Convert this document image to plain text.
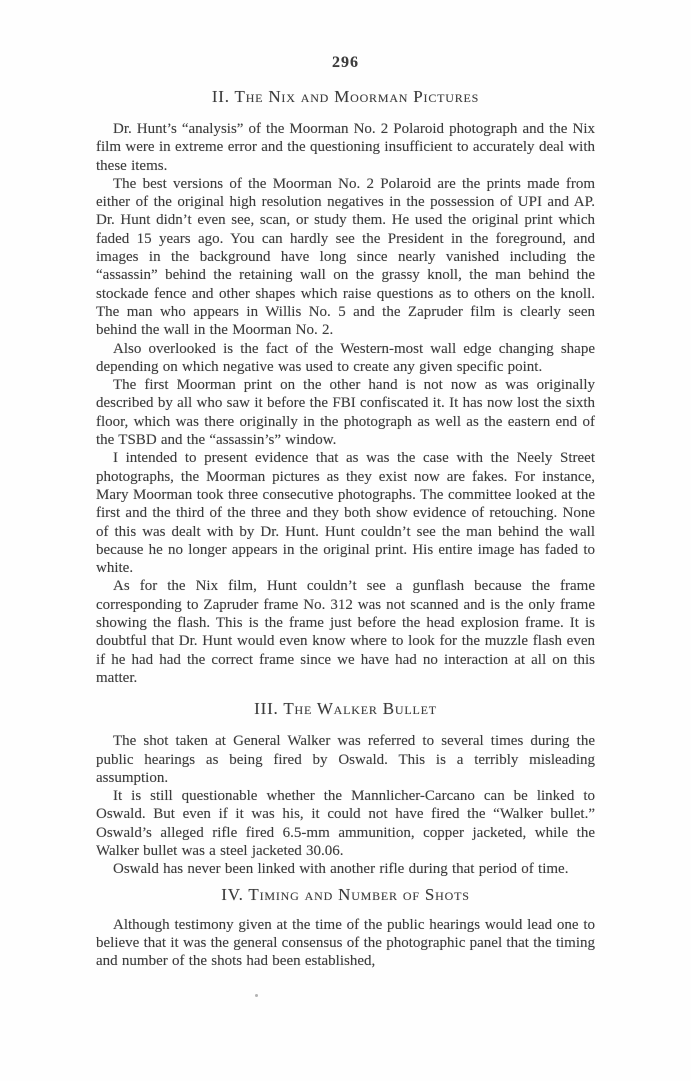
296
II. The Nix and Moorman Pictures

Dr. Hunt’s “analysis” of the Moorman No. 2 Polaroid photograph and the Nix film were in extreme error and the questioning insufficient to accurately deal with these items.

The best versions of the Moorman No. 2 Polaroid are the prints made from either of the original high resolution negatives in the possession of UPI and AP. Dr. Hunt didn’t even see, scan, or study them. He used the original print which faded 15 years ago. You can hardly see the President in the foreground, and images in the background have long since nearly vanished including the “assassin” behind the retaining wall on the grassy knoll, the man behind the stockade fence and other shapes which raise questions as to others on the knoll. The man who appears in Willis No. 5 and the Zapruder film is clearly seen behind the wall in the Moorman No. 2.

Also overlooked is the fact of the Western-most wall edge changing shape depending on which negative was used to create any given specific point.

The first Moorman print on the other hand is not now as was originally described by all who saw it before the FBI confiscated it. It has now lost the sixth floor, which was there originally in the photograph as well as the eastern end of the TSBD and the “assassin’s” window.

I intended to present evidence that as was the case with the Neely Street photographs, the Moorman pictures as they exist now are fakes. For instance, Mary Moorman took three consecutive photographs. The committee looked at the first and the third of the three and they both show evidence of retouching. None of this was dealt with by Dr. Hunt. Hunt couldn’t see the man behind the wall because he no longer appears in the original print. His entire image has faded to white.

As for the Nix film, Hunt couldn’t see a gunflash because the frame corresponding to Zapruder frame No. 312 was not scanned and is the only frame showing the flash. This is the frame just before the head explosion frame. It is doubtful that Dr. Hunt would even know where to look for the muzzle flash even if he had had the correct frame since we have had no interaction at all on this matter.

III. The Walker Bullet

The shot taken at General Walker was referred to several times during the public hearings as being fired by Oswald. This is a terribly misleading assumption.

It is still questionable whether the Mannlicher-Carcano can be linked to Oswald. But even if it was his, it could not have fired the “Walker bullet.” Oswald’s alleged rifle fired 6.5-mm ammunition, copper jacketed, while the Walker bullet was a steel jacketed 30.06.

Oswald has never been linked with another rifle during that period of time.

IV. Timing and Number of Shots

Although testimony given at the time of the public hearings would lead one to believe that it was the general consensus of the photographic panel that the timing and number of the shots had been established,
